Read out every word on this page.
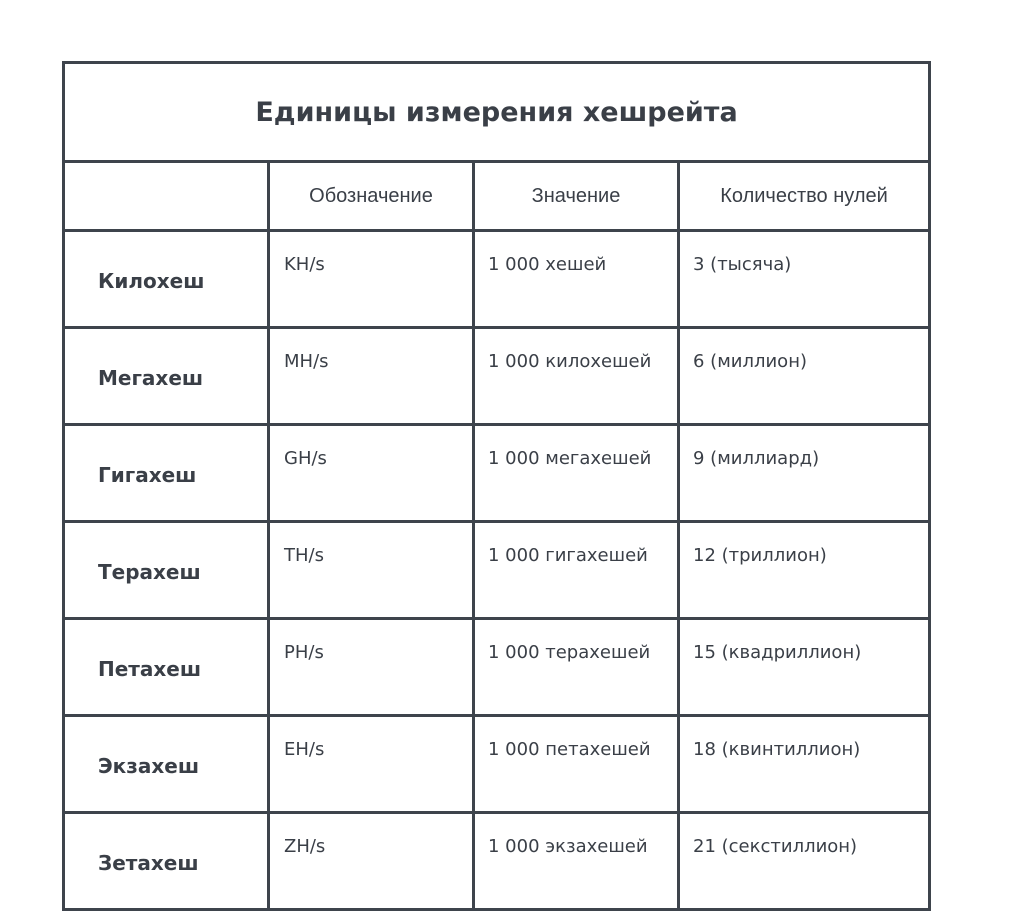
Единицы измерения хешрейта			
	Обозначение	Значение	Количество нулей
Килохеш	KH/s	1 000 хешей	3 (тысяча)
Мегахеш	MH/s	1 000 килохешей	6 (миллион)
Гигахеш	GH/s	1 000 мегахешей	9 (миллиард)
Терахеш	TH/s	1 000 гигахешей	12 (триллион)
Петахеш	PH/s	1 000 терахешей	15 (квадриллион)
Экзахеш	EH/s	1 000 петахешей	18 (квинтиллион)
Зетахеш	ZH/s	1 000 экзахешей	21 (секстиллион)
